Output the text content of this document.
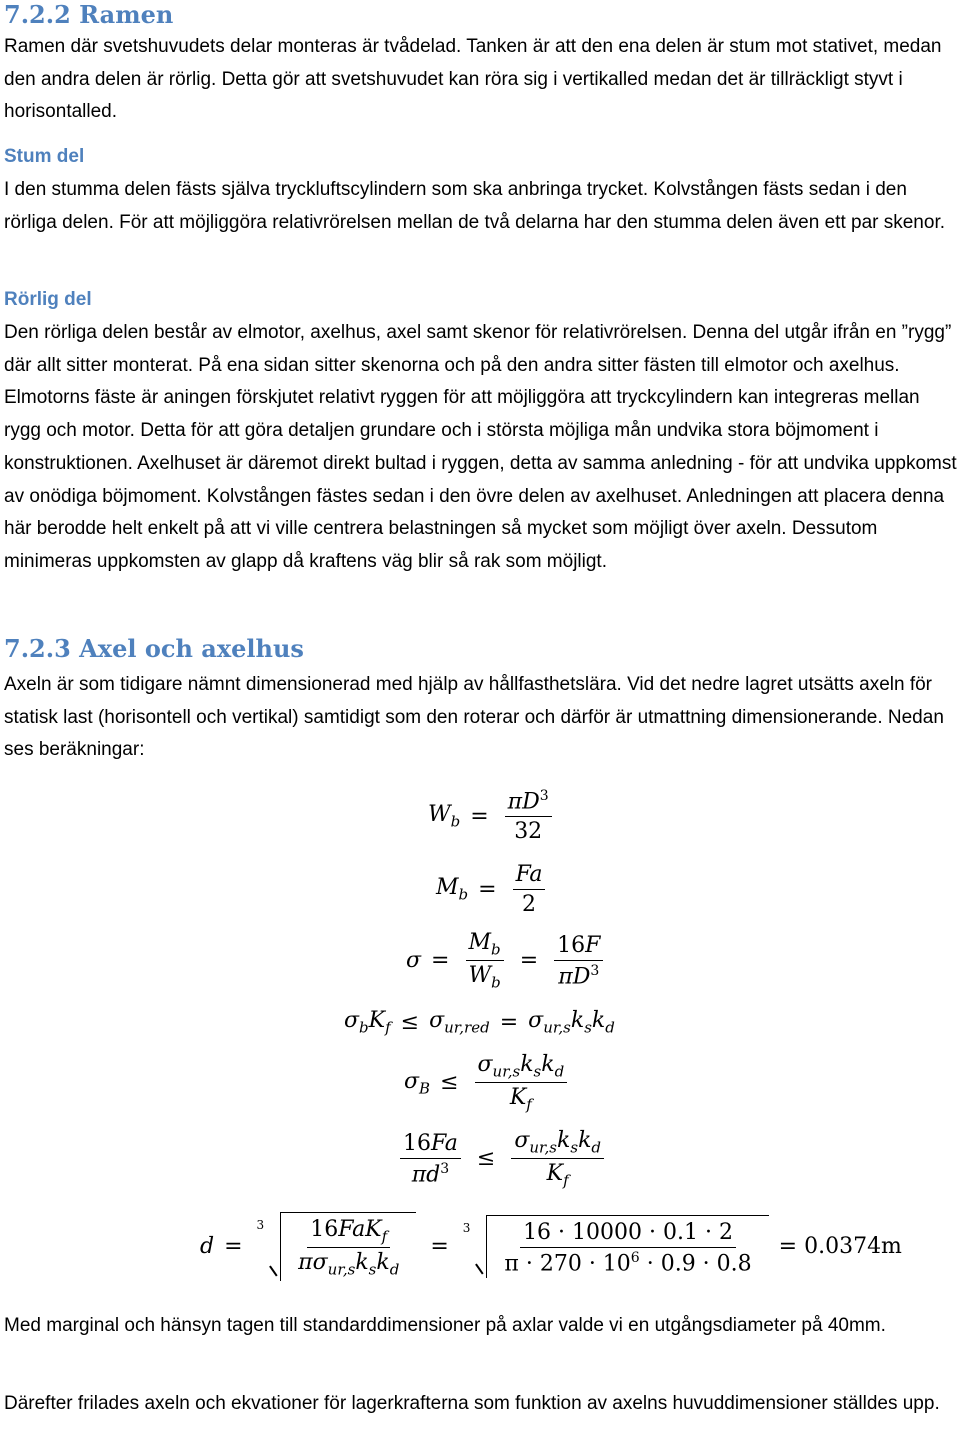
7.2.2 Ramen

Ramen där svetshuvudets delar monteras är tvådelad. Tanken är att den ena delen är stum mot stativet, medan den andra delen är rörlig. Detta gör att svetshuvudet kan röra sig i vertikalled medan det är tillräckligt styvt i horisontalled.

Stum del

I den stumma delen fästs själva tryckluftscylindern som ska anbringa trycket. Kolvstången fästs sedan i den rörliga delen. För att möjliggöra relativrörelsen mellan de två delarna har den stumma delen även ett par skenor.

Rörlig del

Den rörliga delen består av elmotor, axelhus, axel samt skenor för relativrörelsen. Denna del utgår ifrån en ”rygg” där allt sitter monterat. På ena sidan sitter skenorna och på den andra sitter fästen till elmotor och axelhus. Elmotorns fäste är aningen förskjutet relativt ryggen för att möjliggöra att tryckcylindern kan integreras mellan rygg och motor. Detta för att göra detaljen grundare och i största möjliga mån undvika stora böjmoment i konstruktionen. Axelhuset är däremot direkt bultad i ryggen, detta av samma anledning - för att undvika uppkomst av onödiga böjmoment. Kolvstången fästes sedan i den övre delen av axelhuset. Anledningen att placera denna här berodde helt enkelt på att vi ville centrera belastningen så mycket som möjligt över axeln. Dessutom minimeras uppkomsten av glapp då kraftens väg blir så rak som möjligt.

7.2.3 Axel och axelhus

Axeln är som tidigare nämnt dimensionerad med hjälp av hållfasthetslära. Vid det nedre lagret utsätts axeln för statisk last (horisontell och vertikal) samtidigt som den roterar och därför är utmattning dimensionerande. Nedan ses beräkningar:

$W_b = \frac{\pi D^3}{32}$
$M_b = \frac{Fa}{2}$
$\sigma = \frac{M_b}{W_b} = \frac{16F}{\pi D^3}$
$\sigma_bK_f \le \sigma_{ur,red} = \sigma_{ur,s}k_sk_d$
$\sigma_B \le \frac{\sigma_{ur,s}k_sk_d}{K_f}$
$\frac{16Fa}{\pi d^3} \le \frac{\sigma_{ur,s}k_sk_d}{K_f}$
d =
$3 \frac{16FaK_f}{\pi\sigma_{ur,s}k_sk_d}$ =
$3 \frac{16 \cdot 10000 \cdot 0.1 \cdot 2}{\pi \cdot 270 \cdot 10^6 \cdot 0.9 \cdot 0.8} = 0.0374m$

Med marginal och hänsyn tagen till standarddimensioner på axlar valde vi en utgångsdiameter på 40mm.

Därefter frilades axeln och ekvationer för lagerkrafterna som funktion av axelns huvuddimensioner ställdes upp.
